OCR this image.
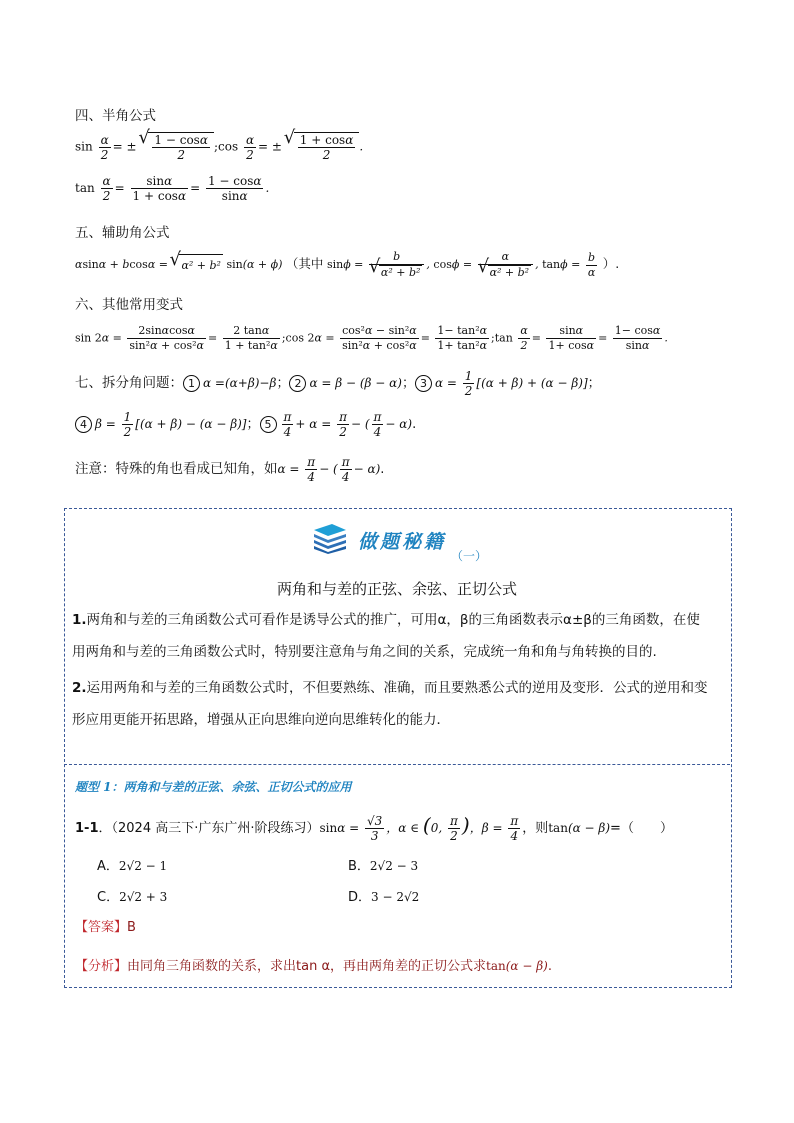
四、半角公式
$\sin \frac{\alpha}{2}$ = ± √ $\frac{1 - \cos\alpha}{2}$ ;cos $\frac{\alpha}{2}$ = ± √ $\frac{1 + \cos\alpha}{2}$ .
$\tan \frac{\alpha}{2} = \frac{\sin\alpha}{1 + \cos\alpha} = \frac{1 - \cos\alpha}{\sin\alpha}$ .
五、辅助角公式
αsinα + bcosα = √ α² + b² sin(α + ϕ) （其中 sinϕ = b
√ α² + b² , cosϕ = α
√ α² + b² , $\tan\phi = \frac{b}{\alpha}$ ）.
六、其他常用变式
$\sin 2\alpha = \frac{2\sin\alpha\cos\alpha}{\text{sin²α + cos²α}} = \frac{2 \tan\alpha}{\text{1 + tan²α}}$ ;cos $2\alpha = \frac{\text{cos²α − sin²α}}{\text{sin²α + cos²α}} = \frac{\text{1− tan²α}}{\text{1+ tan²α}}$ ;tan $\frac{\alpha}{2} = \frac{\sin\alpha}{1+ \cos\alpha} = \frac{1- \cos\alpha}{\sin\alpha}$ .
七、拆分角问题： 1 α =(α+β)−β； 2 α = β − (β − α)； 3 $\alpha = \frac{1}{2} [(\alpha + \beta) + (\alpha - \beta)]$；
4 $\beta = \frac{1}{2} [(\alpha + \beta) - (\alpha - \beta)]$； $5 \frac{\pi}{4} + \alpha = \frac{\pi}{2}$ − ( $\frac{\pi}{4} - \alpha$).
注意：特殊的角也看成已知角，如$\alpha = \frac{\pi}{4}$ − ( $\frac{\pi}{4} - \alpha$).
做题秘籍
（一）
两角和与差的正弦、余弦、正切公式
1.两角和与差的三角函数公式可看作是诱导公式的推广，可用α，β的三角函数表示α±β的三角函数，在使
用两角和与差的三角函数公式时，特别要注意角与角之间的关系，完成统一角和角与角转换的目的.
2.运用两角和与差的三角函数公式时，不但要熟练、准确，而且要熟悉公式的逆用及变形．公式的逆用和变
形应用更能开拓思路，增强从正向思维向逆向思维转化的能力．
题型 1：两角和与差的正弦、余弦、正切公式的应用
1-1．（2024 高三下·广东广州·阶段练习）$\sin\alpha = \frac{√3}{3}$ ，α ∈ (0, $\frac{\pi}{2}$ )，$\beta = \frac{\pi}{4}$ ，则tan(α − β)=（　　）
A．2√2 − 1	B．2√2 − 3
C．2√2 + 3	D．3 − 2√2
【答案】B
【分析】由同角三角函数的关系，求出tan α，再由两角差的正切公式求tan(α − β).
